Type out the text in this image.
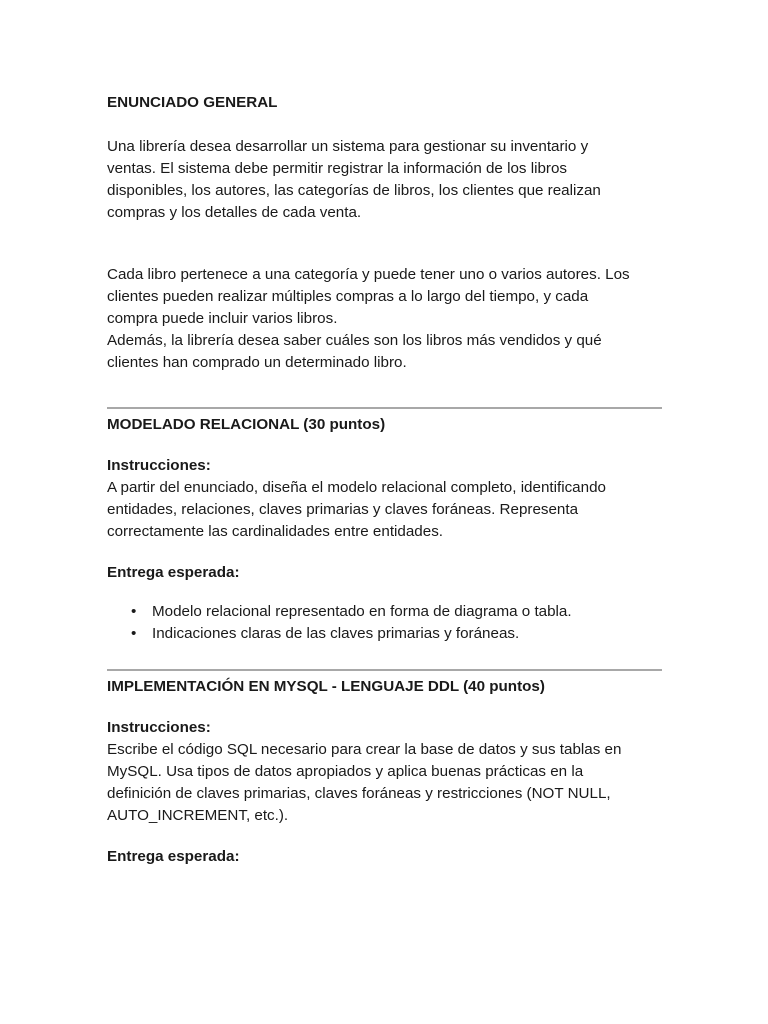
ENUNCIADO GENERAL

Una librería desea desarrollar un sistema para gestionar su inventario y
ventas. El sistema debe permitir registrar la información de los libros
disponibles, los autores, las categorías de libros, los clientes que realizan
compras y los detalles de cada venta.
Cada libro pertenece a una categoría y puede tener uno o varios autores. Los
clientes pueden realizar múltiples compras a lo largo del tiempo, y cada
compra puede incluir varios libros.
Además, la librería desea saber cuáles son los libros más vendidos y qué
clientes han comprado un determinado libro.

MODELADO RELACIONAL (30 puntos)

Instrucciones:
A partir del enunciado, diseña el modelo relacional completo, identificando
entidades, relaciones, claves primarias y claves foráneas. Representa
correctamente las cardinalidades entre entidades.
Entrega esperada:
• Modelo relacional representado en forma de diagrama o tabla.
• Indicaciones claras de las claves primarias y foráneas.

IMPLEMENTACIÓN EN MYSQL - LENGUAJE DDL (40 puntos)

Instrucciones:
Escribe el código SQL necesario para crear la base de datos y sus tablas en
MySQL. Usa tipos de datos apropiados y aplica buenas prácticas en la
definición de claves primarias, claves foráneas y restricciones (NOT NULL,
AUTO_INCREMENT, etc.).
Entrega esperada:
